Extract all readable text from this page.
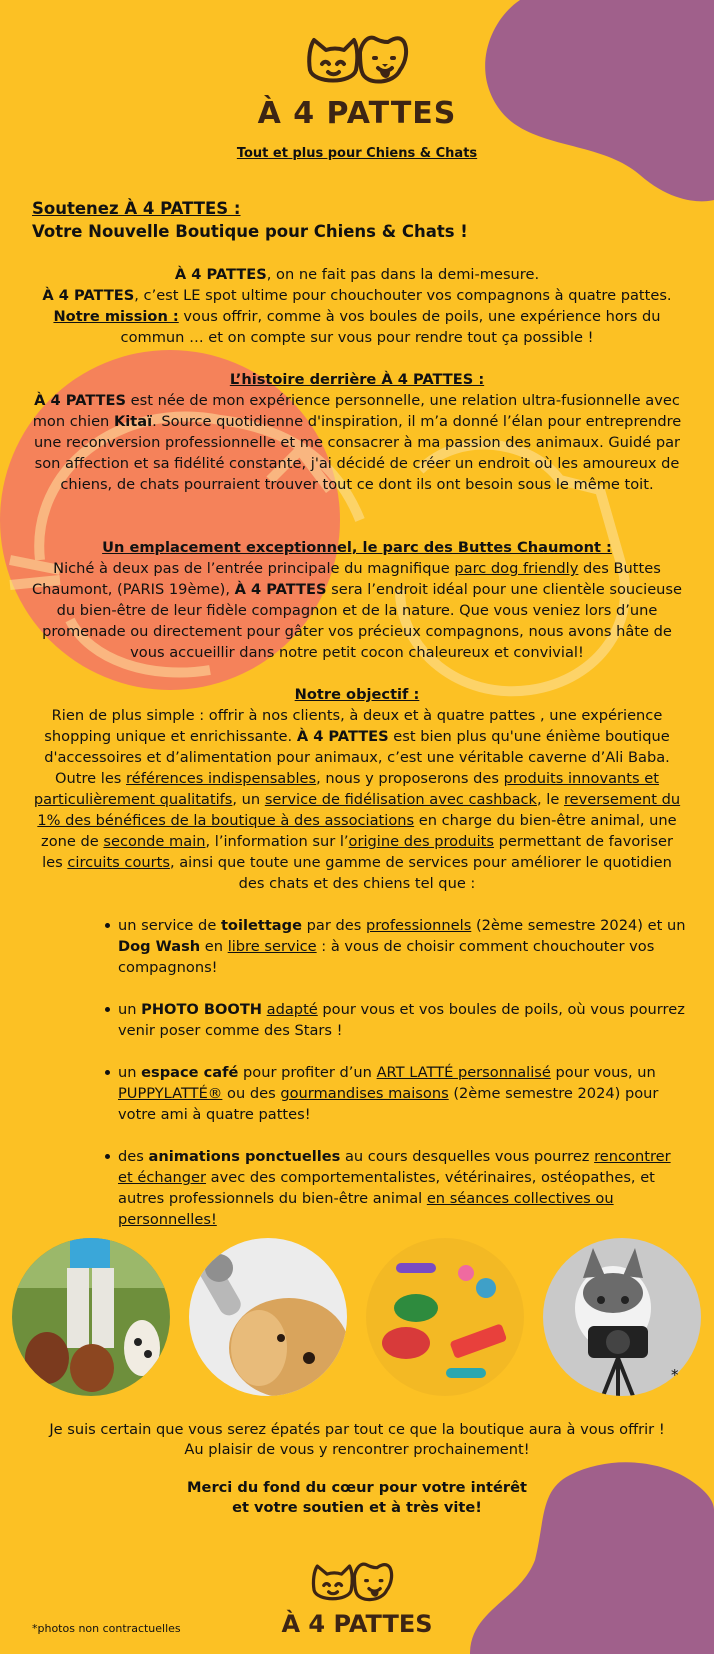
À 4 PATTES
Tout et plus pour Chiens & Chats
Soutenez À 4 PATTES :
Votre Nouvelle Boutique pour Chiens & Chats !
À 4 PATTES, on ne fait pas dans la demi-mesure.
À 4 PATTES, c’est LE spot ultime pour chouchouter vos compagnons à quatre pattes.
Notre mission : vous offrir, comme à vos boules de poils, une expérience hors du commun … et on compte sur vous pour rendre tout ça possible !
L’histoire derrière À 4 PATTES :
À 4 PATTES est née de mon expérience personnelle, une relation ultra-fusionnelle avec mon chien Kitaï. Source quotidienne d'inspiration, il m’a donné l’élan pour entreprendre une reconversion professionnelle et me consacrer à ma passion des animaux. Guidé par son affection et sa fidélité constante, j'ai décidé de créer un endroit où les amoureux de chiens, de chats pourraient trouver tout ce dont ils ont besoin sous le même toit.
Un emplacement exceptionnel, le parc des Buttes Chaumont :
Niché à deux pas de l’entrée principale du magnifique parc dog friendly des Buttes Chaumont, (PARIS 19ème), À 4 PATTES sera l’endroit idéal pour une clientèle soucieuse du bien-être de leur fidèle compagnon et de la nature. Que vous veniez lors d’une promenade ou directement pour gâter vos précieux compagnons, nous avons hâte de vous accueillir dans notre petit cocon chaleureux et convivial!
Notre objectif :
Rien de plus simple : offrir à nos clients, à deux et à quatre pattes , une expérience shopping unique et enrichissante. À 4 PATTES est bien plus qu'une énième boutique d'accessoires et d’alimentation pour animaux, c’est une véritable caverne d’Ali Baba. Outre les références indispensables, nous y proposerons des produits innovants et particulièrement qualitatifs, un service de fidélisation avec cashback, le reversement du 1% des bénéfices de la boutique à des associations en charge du bien-être animal, une zone de seconde main, l’information sur l’origine des produits permettant de favoriser les circuits courts, ainsi que toute une gamme de services pour améliorer le quotidien des chats et des chiens tel que :
un service de toilettage par des professionnels (2ème semestre 2024) et un Dog Wash en libre service : à vous de choisir comment chouchouter vos compagnons!
un PHOTO BOOTH adapté pour vous et vos boules de poils, où vous pourrez venir poser comme des Stars !
un espace café pour profiter d’un ART LATTÉ personnalisé pour vous, un PUPPYLATTÉ® ou des gourmandises maisons (2ème semestre 2024) pour votre ami à quatre pattes!
des animations ponctuelles au cours desquelles vous pourrez rencontrer et échanger avec des comportementalistes, vétérinaires, ostéopathes, et autres professionnels du bien-être animal en séances collectives ou personnelles!
*
Je suis certain que vous serez épatés par tout ce que la boutique aura à vous offrir !
Au plaisir de vous y rencontrer prochainement!
Merci du fond du cœur pour votre intérêt
et votre soutien et à très vite!
À 4 PATTES
*photos non contractuelles
